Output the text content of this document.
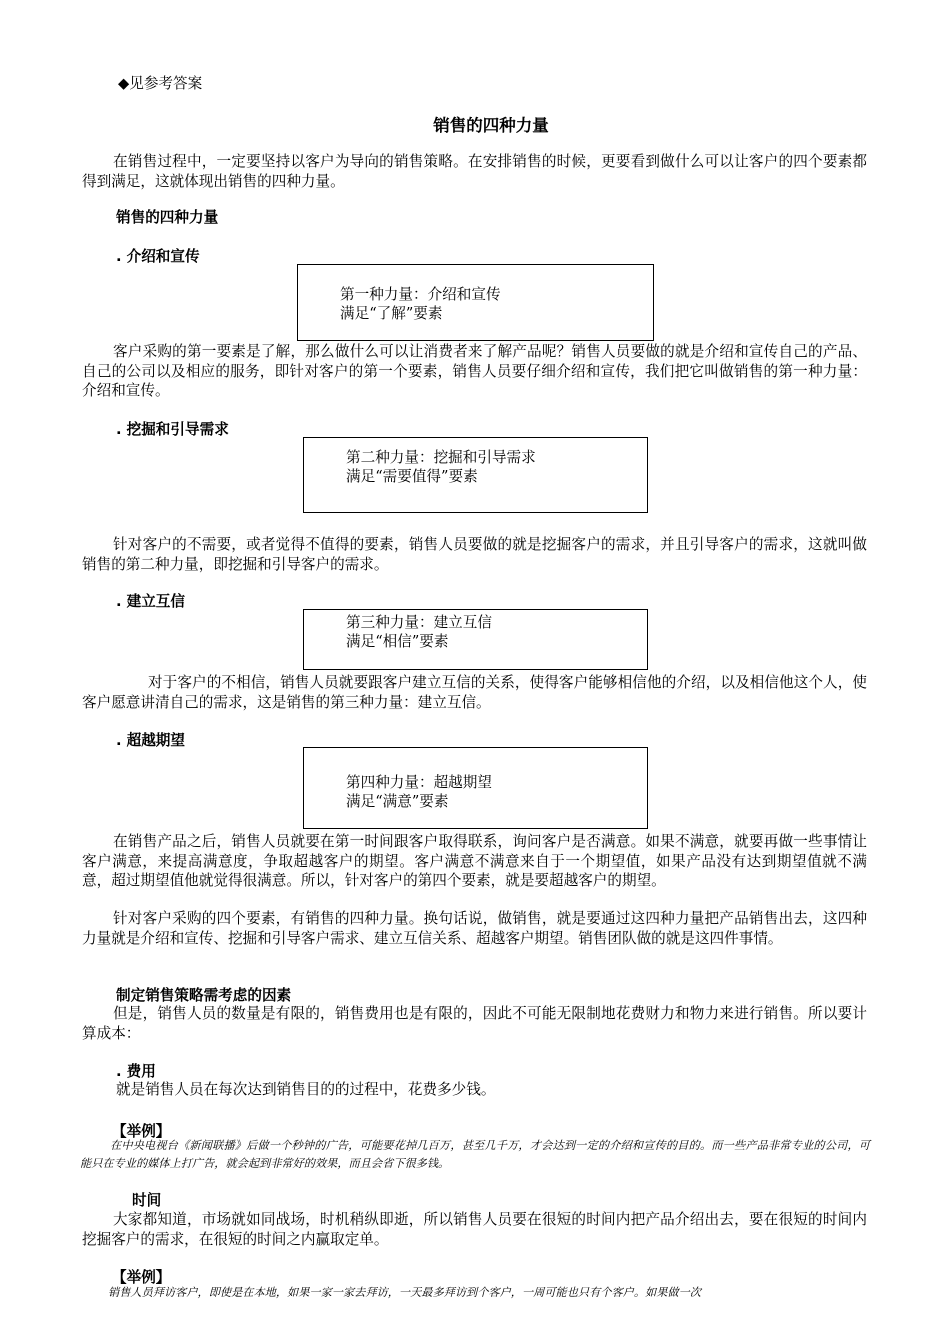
◆见参考答案
销售的四种力量

在销售过程中，一定要坚持以客户为导向的销售策略。在安排销售的时候，更要看到做什么可以让客户的四个要素都得到满足，这就体现出销售的四种力量。

销售的四种力量
. 介绍和宣传
第一种力量：介绍和宣传
满足“了解”要素

客户采购的第一要素是了解，那么做什么可以让消费者来了解产品呢？销售人员要做的就是介绍和宣传自己的产品、自己的公司以及相应的服务，即针对客户的第一个要素，销售人员要仔细介绍和宣传，我们把它叫做销售的第一种力量：介绍和宣传。

. 挖掘和引导需求
第二种力量：挖掘和引导需求
满足“需要值得”要素

针对客户的不需要，或者觉得不值得的要素，销售人员要做的就是挖掘客户的需求，并且引导客户的需求，这就叫做销售的第二种力量，即挖掘和引导客户的需求。

. 建立互信
第三种力量：建立互信
满足“相信”要素

对于客户的不相信，销售人员就要跟客户建立互信的关系，使得客户能够相信他的介绍，以及相信他这个人，使客户愿意讲清自己的需求，这是销售的第三种力量：建立互信。

. 超越期望
第四种力量：超越期望
满足“满意”要素

在销售产品之后，销售人员就要在第一时间跟客户取得联系，询问客户是否满意。如果不满意，就要再做一些事情让客户满意，来提高满意度，争取超越客户的期望。客户满意不满意来自于一个期望值，如果产品没有达到期望值就不满意，超过期望值他就觉得很满意。所以，针对客户的第四个要素，就是要超越客户的期望。

针对客户采购的四个要素，有销售的四种力量。换句话说，做销售，就是要通过这四种力量把产品销售出去，这四种力量就是介绍和宣传、挖掘和引导客户需求、建立互信关系、超越客户期望。销售团队做的就是这四件事情。

制定销售策略需考虑的因素

但是，销售人员的数量是有限的，销售费用也是有限的，因此不可能无限制地花费财力和物力来进行销售。所以要计算成本：

. 费用

就是销售人员在每次达到销售目的的过程中，花费多少钱。

【举例】

在中央电视台《新闻联播》后做一个秒钟的广告，可能要花掉几百万，甚至几千万，才会达到一定的介绍和宣传的目的。而一些产品非常专业的公司，可能只在专业的媒体上打广告，就会起到非常好的效果，而且会省下很多钱。

时间

大家都知道，市场就如同战场，时机稍纵即逝，所以销售人员要在很短的时间内把产品介绍出去，要在很短的时间内挖掘客户的需求，在很短的时间之内赢取定单。

【举例】

销售人员拜访客户，即使是在本地，如果一家一家去拜访，一天最多拜访到个客户，一周可能也只有个客户。如果做一次
